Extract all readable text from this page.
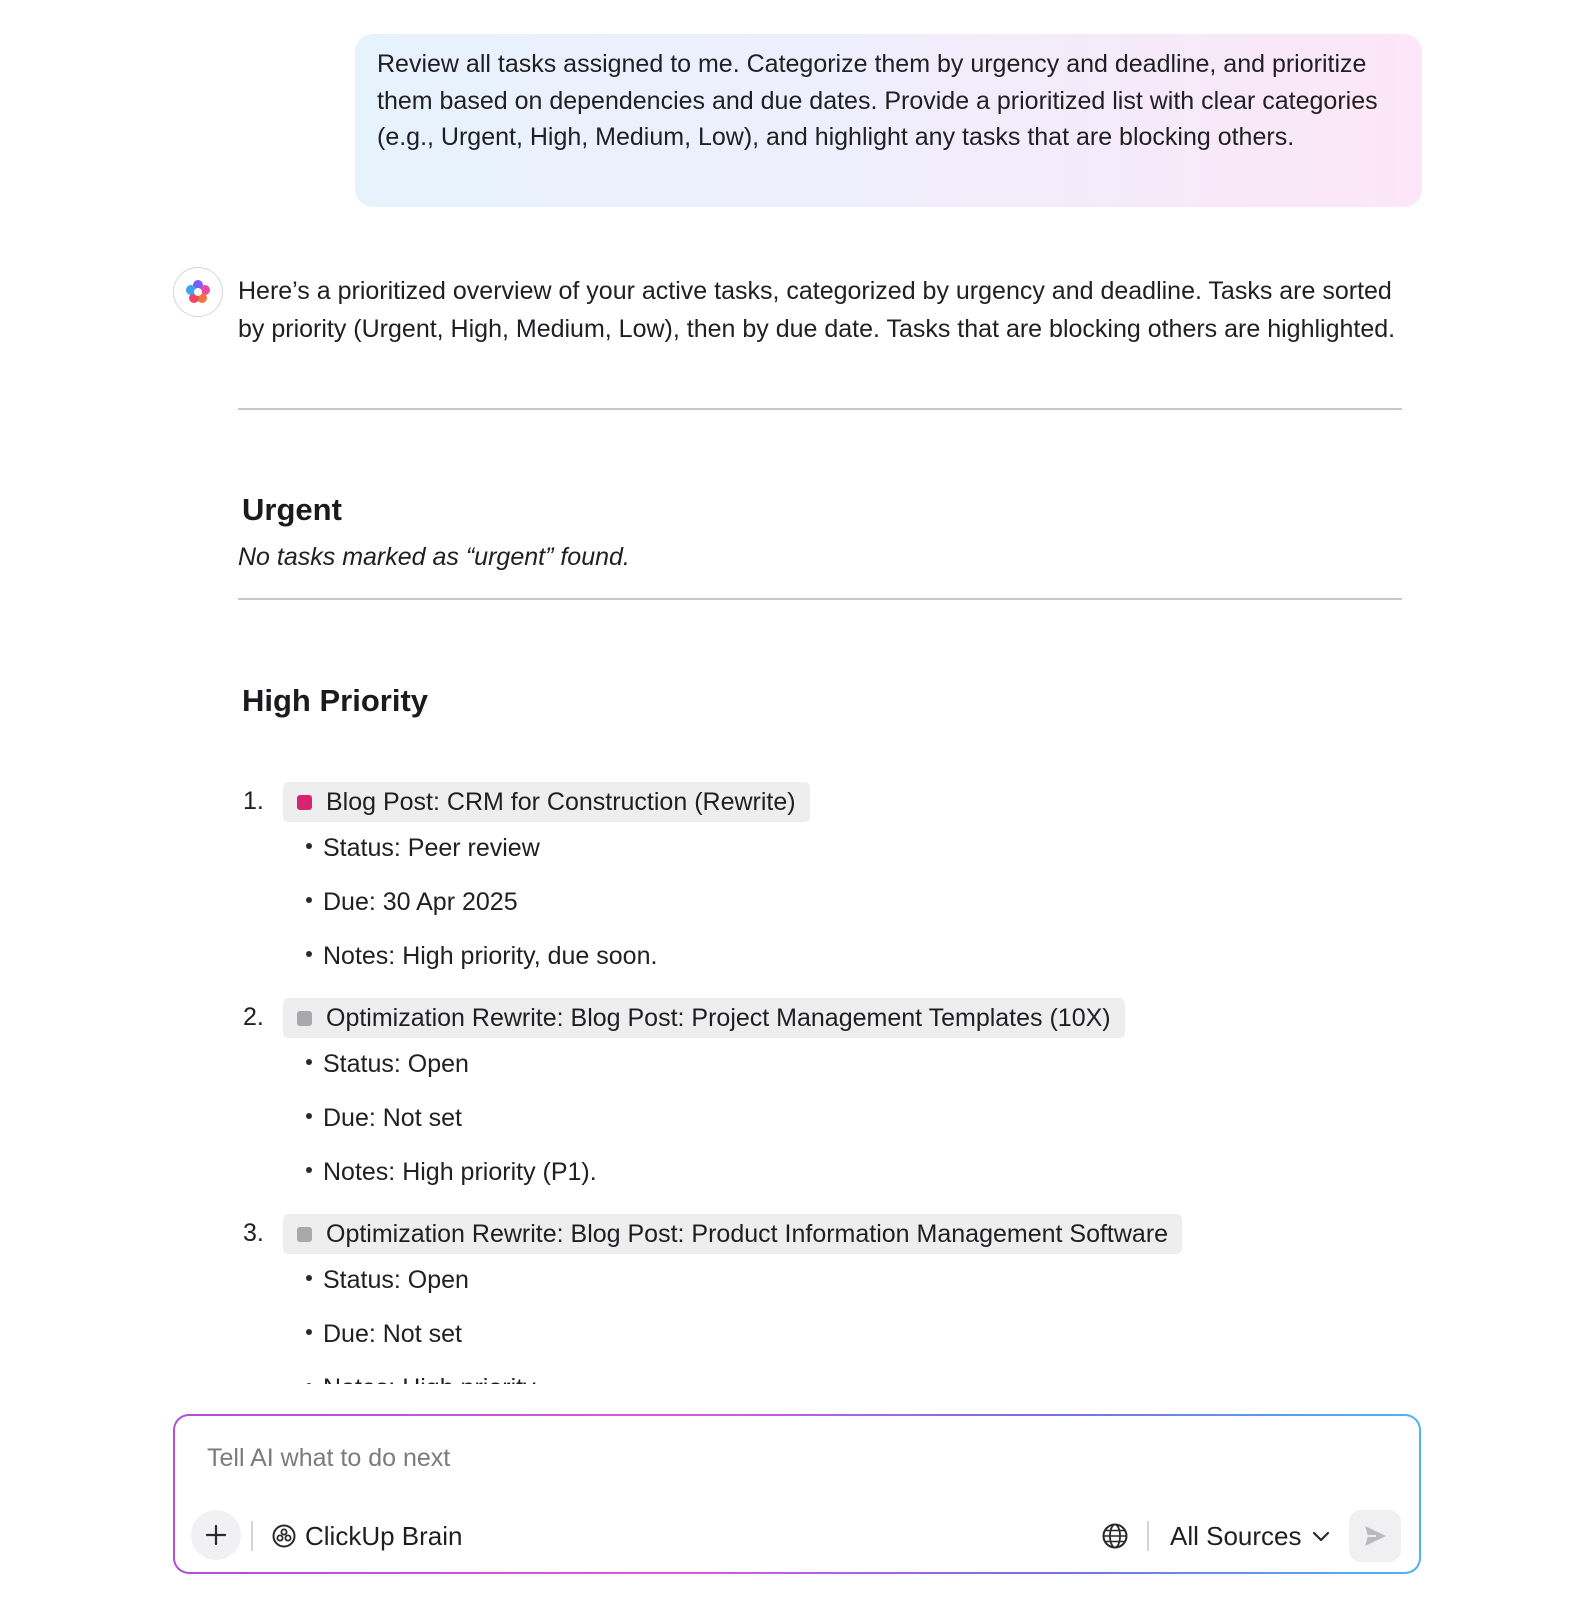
Review all tasks assigned to me. Categorize them by urgency and deadline, and prioritize them based on dependencies and due dates. Provide a prioritized list with clear categories (e.g., Urgent, High, Medium, Low), and highlight any tasks that are blocking others.
Here’s a prioritized overview of your active tasks, categorized by urgency and deadline. Tasks are sorted by priority (Urgent, High, Medium, Low), then by due date. Tasks that are blocking others are highlighted.
Urgent
No tasks marked as “urgent” found.
High Priority
1. Blog Post: CRM for Construction (Rewrite)
Status: Peer review
Due: 30 Apr 2025
Notes: High priority, due soon.
2. Optimization Rewrite: Blog Post: Project Management Templates (10X)
Status: Open
Due: Not set
Notes: High priority (P1).
3. Optimization Rewrite: Blog Post: Product Information Management Software
Status: Open
Due: Not set
Tell AI what to do next
ClickUp Brain	All Sources
